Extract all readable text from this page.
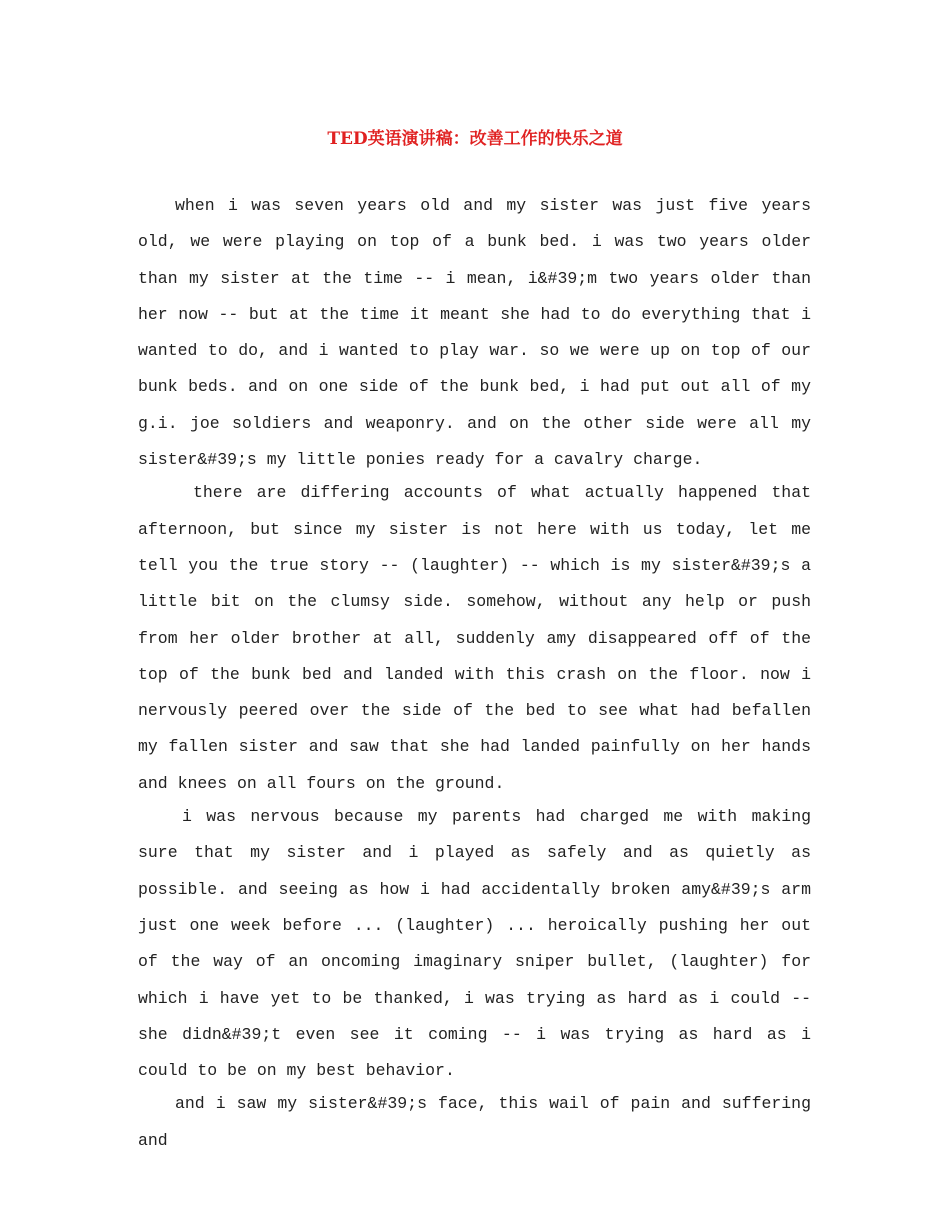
TED英语演讲稿：改善工作的快乐之道

when i was seven years old and my sister was just five years old, we were playing on top of a bunk bed. i was two years older than my sister at the time -- i mean, i&#39;m two years older than her now -- but at the time it meant she had to do everything that i wanted to do, and i wanted to play war. so we were up on top of our bunk beds. and on one side of the bunk bed, i had put out all of my g.i. joe soldiers and weaponry. and on the other side were all my sister&#39;s my little ponies ready for a cavalry charge.

there are differing accounts of what actually happened that afternoon, but since my sister is not here with us today, let me tell you the true story -- (laughter) -- which is my sister&#39;s a little bit on the clumsy side. somehow, without any help or push from her older brother at all, suddenly amy disappeared off of the top of the bunk bed and landed with this crash on the floor. now i nervously peered over the side of the bed to see what had befallen my fallen sister and saw that she had landed painfully on her hands and knees on all fours on the ground.

i was nervous because my parents had charged me with making sure that my sister and i played as safely and as quietly as possible. and seeing as how i had accidentally broken amy&#39;s arm just one week before ... (laughter) ... heroically pushing her out of the way of an oncoming imaginary sniper bullet, (laughter) for which i have yet to be thanked, i was trying as hard as i could -- she didn&#39;t even see it coming -- i was trying as hard as i could to be on my best behavior.

and i saw my sister&#39;s face, this wail of pain and suffering and
